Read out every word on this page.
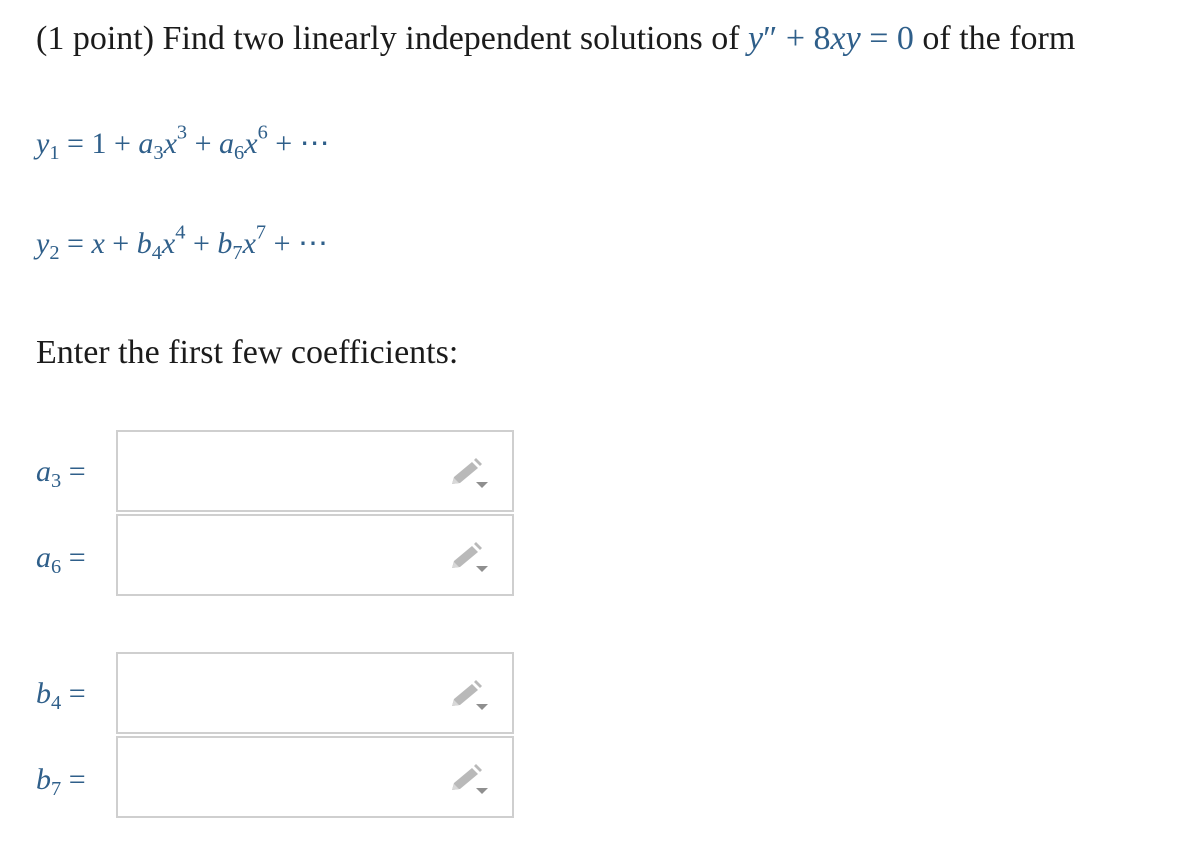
(1 point) Find two linearly independent solutions of y″ + 8xy = 0 of the form
$y_1 = 1 + a_3x^3 + a_6x^6$ + ⋯
$y_2 = x + b_4x^4 + b_7x^7$ + ⋯
Enter the first few coefficients:
$a_3$ =
$a_6$ =
$b_4$ =
$b_7$ =
